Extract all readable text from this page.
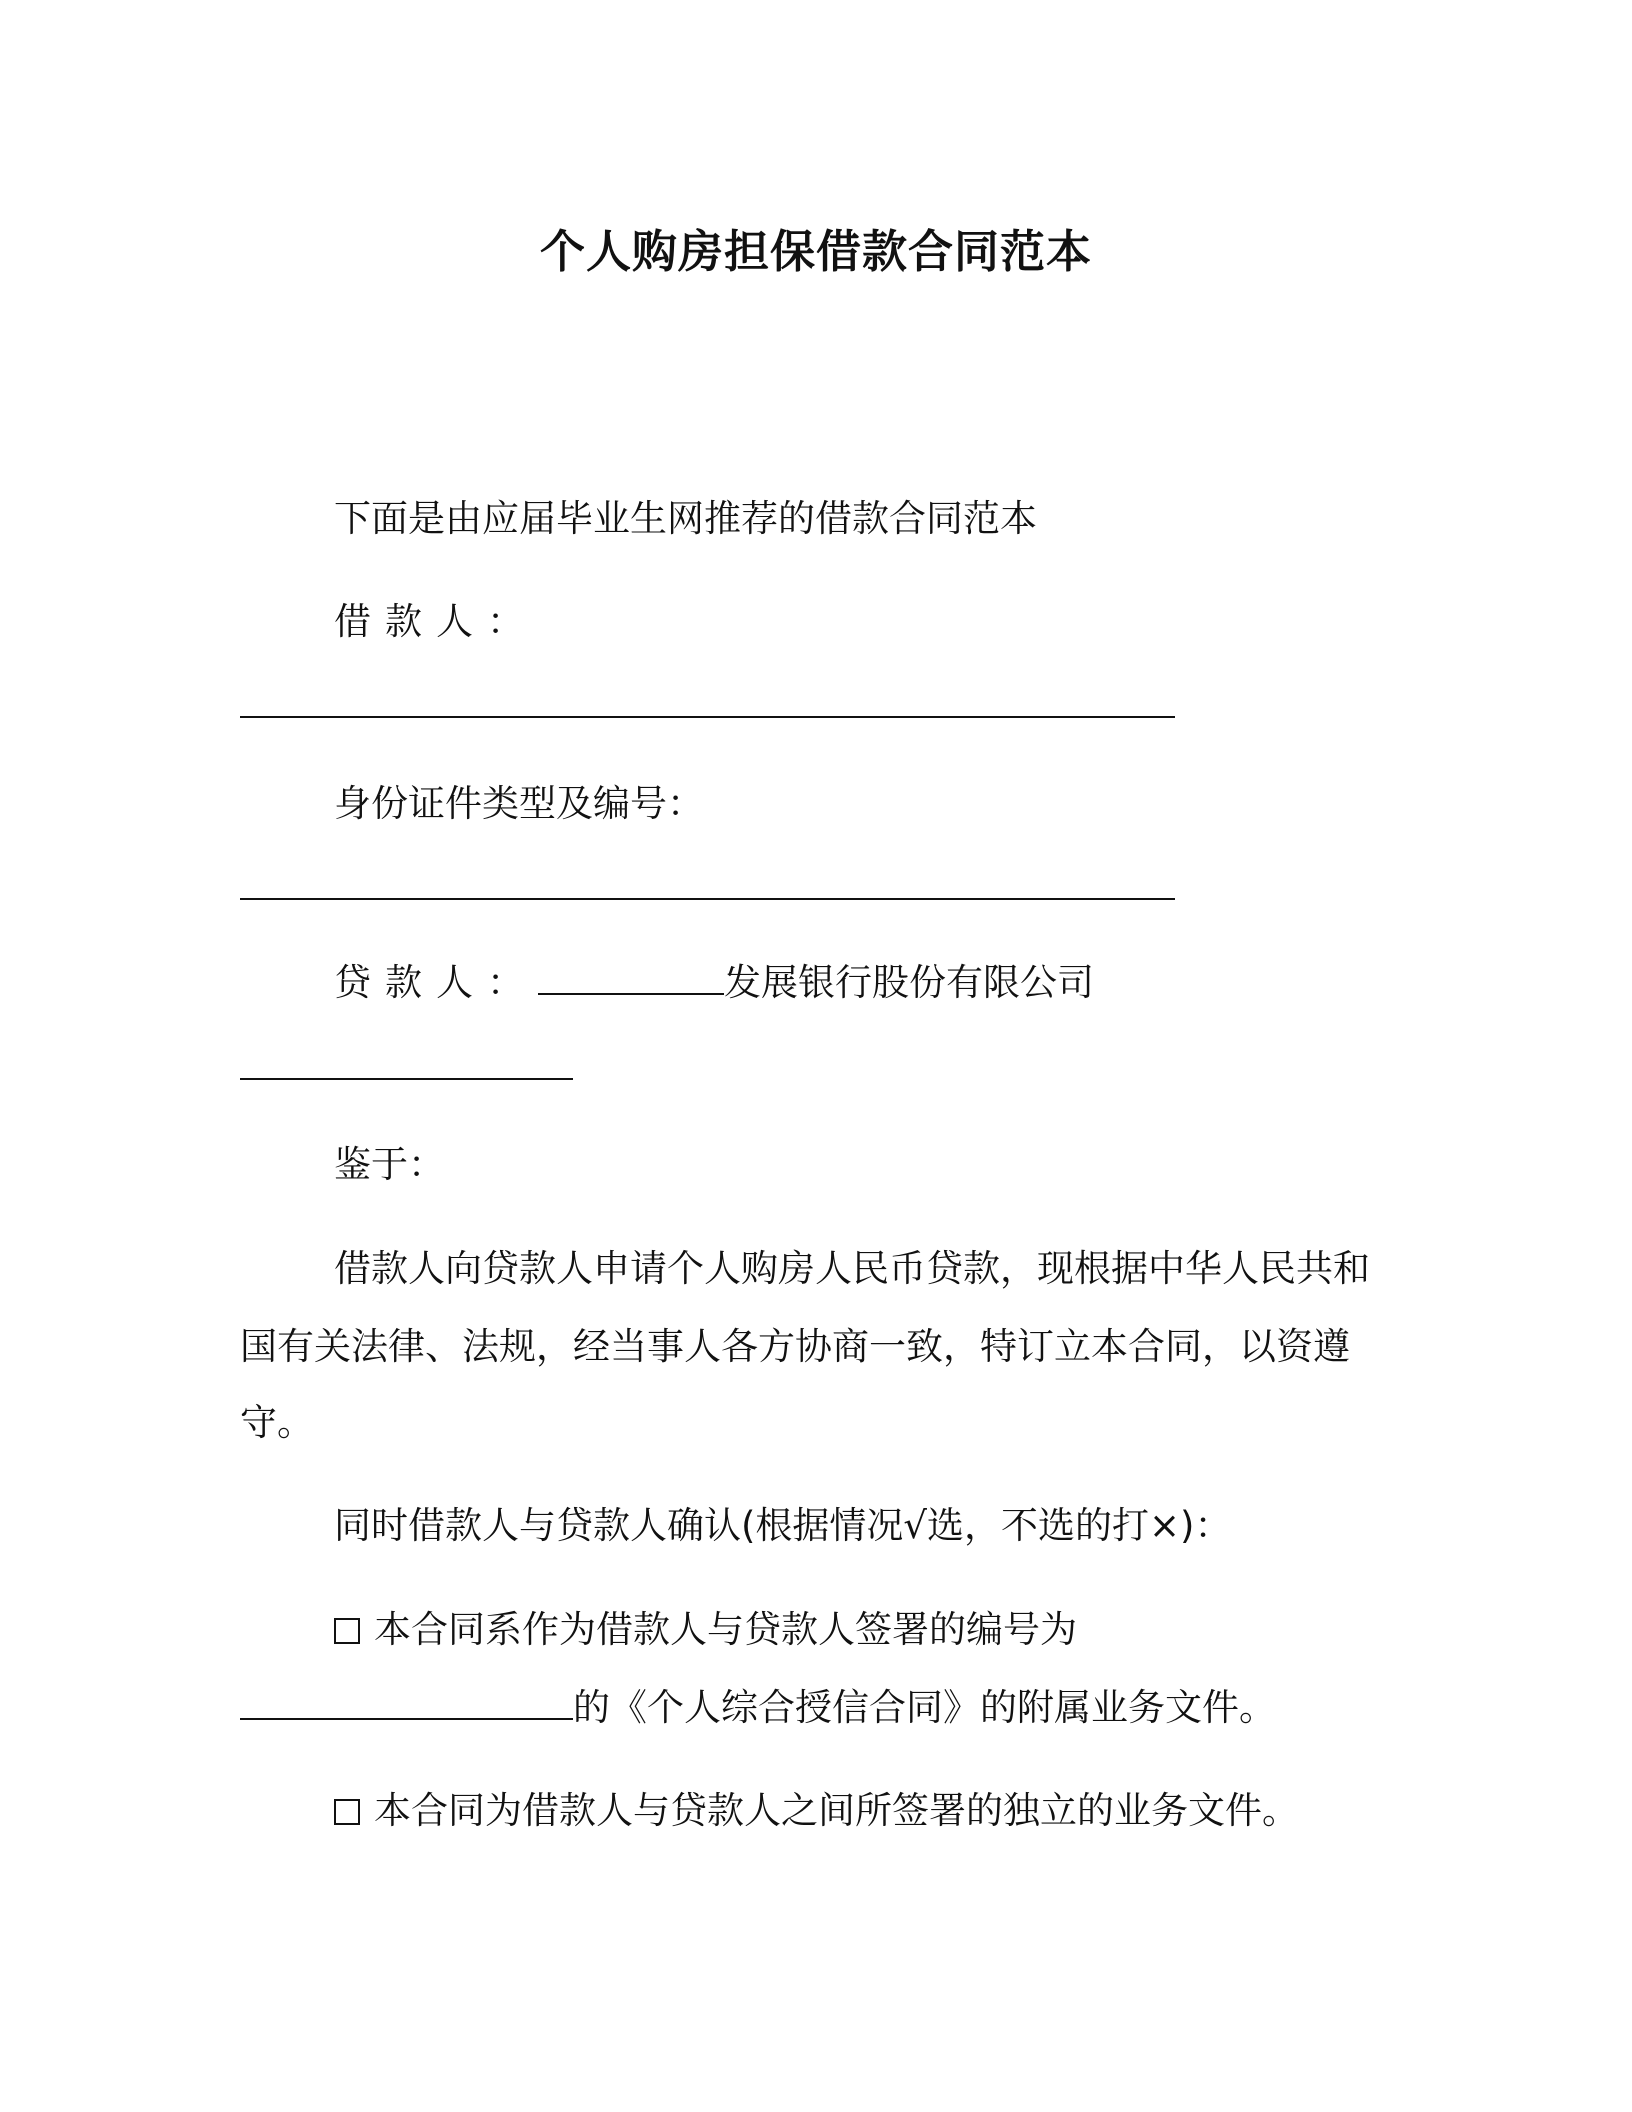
个人购房担保借款合同范本
下面是由应届毕业生网推荐的借款合同范本
借款人：
身份证件类型及编号：
贷款人：	发展银行股份有限公司
鉴于：
借款人向贷款人申请个人购房人民币贷款，现根据中华人民共和
国有关法律、法规，经当事人各方协商一致，特订立本合同，以资遵
守。
同时借款人与贷款人确认(根据情况√选，不选的打×)：
本合同系作为借款人与贷款人签署的编号为
的《个人综合授信合同》的附属业务文件。
本合同为借款人与贷款人之间所签署的独立的业务文件。
